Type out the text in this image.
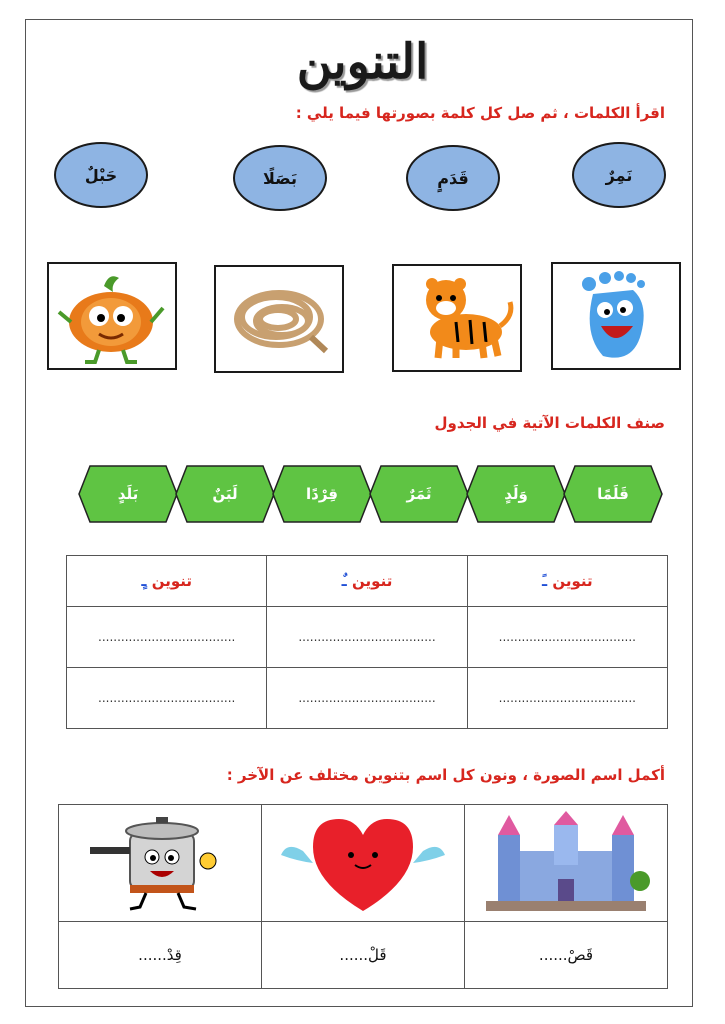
التنوين
اقرأ الكلمات ، ثم صل كل كلمة بصورتها فيما يلي :
حَبْلٌ	بَصَلًا	قَدَمٍ	نَمِرٌ
صنف الكلمات الآتية في الجدول
بَلَدٍ	لَبَنٌ	قِرْدًا	ثَمَرٌ	وَلَدٍ	قَلَمًا
تنوين ـٍ	تنوين ـٌ	تنوين ـً
....................................	....................................	....................................
....................................	....................................	....................................
أكمل اسم الصورة ، ونون كل اسم بتنوين مختلف عن الآخر :

قِدْ......	قَلْ......	قَصْ......
